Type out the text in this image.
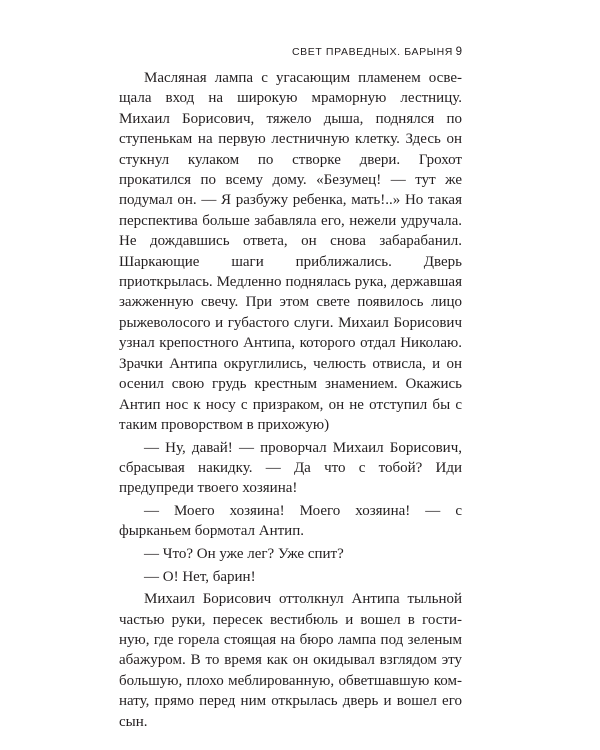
СВЕТ ПРАВЕДНЫХ. БАРЫНЯ 9

Масляная лампа с угасающим пламенем освещала вход на широкую мраморную лестницу. Михаил Борисович, тяжело дыша, поднялся по ступенькам на первую лестничную клетку. Здесь он стукнул кулаком по створке двери. Грохот прокатился по всему дому. «Безумец! — тут же подумал он. — Я разбужу ребенка, мать!..» Но такая перспектива больше забавляла его, нежели удручала. Не дождавшись ответа, он снова забарабанил. Шаркающие шаги приближались. Дверь приоткрылась. Медленно поднялась рука, державшая зажженную свечу. При этом свете появилось лицо рыжеволосого и губастого слуги. Михаил Борисович узнал крепостного Антипа, которого отдал Николаю. Зрачки Антипа округлились, челюсть отвисла, и он осенил свою грудь крестным знамением. Окажись Антип нос к носу с призраком, он не отступил бы с таким проворством в прихожую)

— Ну, давай! — проворчал Михаил Борисович, сбрасывая накидку. — Да что с тобой? Иди предупреди твоего хозяина!

— Моего хозяина! Моего хозяина! — с фырканьем бормотал Антип.

— Что? Он уже лег? Уже спит?

— О! Нет, барин!

Михаил Борисович оттолкнул Антипа тыльной частью руки, пересек вестибюль и вошел в гостиную, где горела стоящая на бюро лампа под зеленым абажуром. В то время как он окидывал взглядом эту большую, плохо меблированную, обветшавшую комнату, прямо перед ним открылась дверь и вошел его сын.
